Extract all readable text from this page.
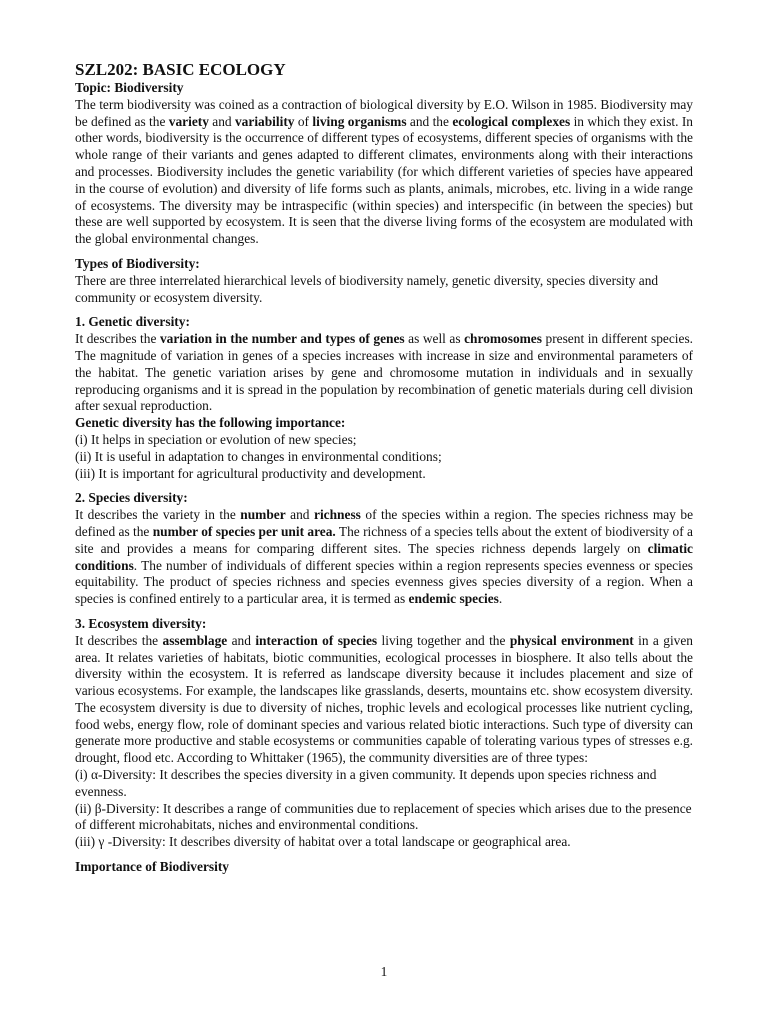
SZL202: BASIC ECOLOGY
Topic: Biodiversity

The term biodiversity was coined as a contraction of biological diversity by E.O. Wilson in 1985. Biodiversity may be defined as the variety and variability of living organisms and the ecological complexes in which they exist. In other words, biodiversity is the occurrence of different types of ecosystems, different species of organisms with the whole range of their variants and genes adapted to different climates, environments along with their interactions and processes. Biodiversity includes the genetic variability (for which different varieties of species have appeared in the course of evolution) and diversity of life forms such as plants, animals, microbes, etc. living in a wide range of ecosystems. The diversity may be intraspecific (within species) and interspecific (in between the species) but these are well supported by ecosystem. It is seen that the diverse living forms of the ecosystem are modulated with the global environmental changes.

Types of Biodiversity:

There are three interrelated hierarchical levels of biodiversity namely, genetic diversity, species diversity and community or ecosystem diversity.

1. Genetic diversity:

It describes the variation in the number and types of genes as well as chromosomes present in different species. The magnitude of variation in genes of a species increases with increase in size and environmental parameters of the habitat. The genetic variation arises by gene and chromosome mutation in individuals and in sexually reproducing organisms and it is spread in the population by recombination of genetic materials during cell division after sexual reproduction.

Genetic diversity has the following importance:
(i) It helps in speciation or evolution of new species;
(ii) It is useful in adaptation to changes in environmental conditions;
(iii) It is important for agricultural productivity and development.
2. Species diversity:

It describes the variety in the number and richness of the species within a region. The species richness may be defined as the number of species per unit area. The richness of a species tells about the extent of biodiversity of a site and provides a means for comparing different sites. The species richness depends largely on climatic conditions. The number of individuals of different species within a region represents species evenness or species equitability. The product of species richness and species evenness gives species diversity of a region. When a species is confined entirely to a particular area, it is termed as endemic species.

3. Ecosystem diversity:

It describes the assemblage and interaction of species living together and the physical environment in a given area. It relates varieties of habitats, biotic communities, ecological processes in biosphere. It also tells about the diversity within the ecosystem. It is referred as landscape diversity because it includes placement and size of various ecosystems. For example, the landscapes like grasslands, deserts, mountains etc. show ecosystem diversity. The ecosystem diversity is due to diversity of niches, trophic levels and ecological processes like nutrient cycling, food webs, energy flow, role of dominant species and various related biotic interactions. Such type of diversity can generate more productive and stable ecosystems or communities capable of tolerating various types of stresses e.g. drought, flood etc. According to Whittaker (1965), the community diversities are of three types:

(i) α-Diversity: It describes the species diversity in a given community. It depends upon species richness and evenness.
(ii) β-Diversity: It describes a range of communities due to replacement of species which arises due to the presence of different microhabitats, niches and environmental conditions.
(iii) γ -Diversity: It describes diversity of habitat over a total landscape or geographical area.
Importance of Biodiversity
1
